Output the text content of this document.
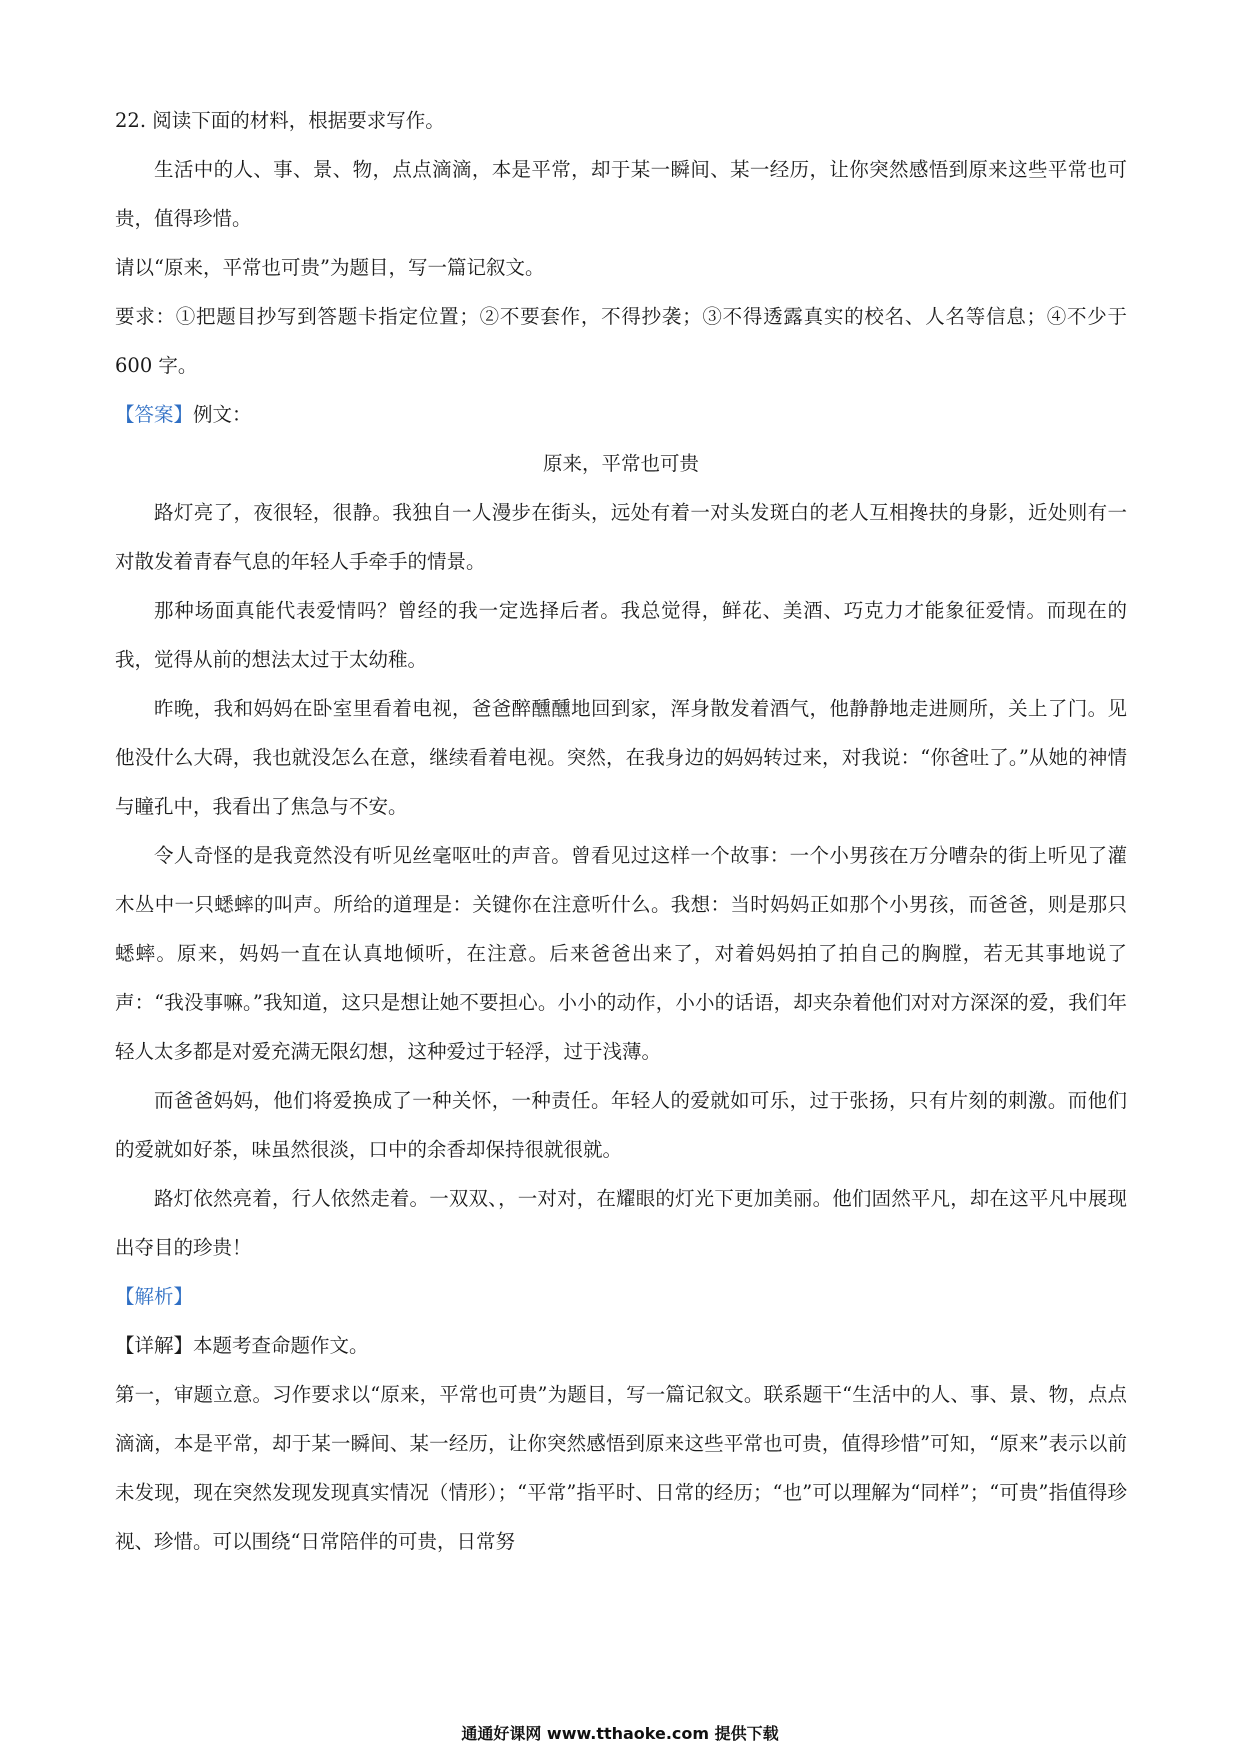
22. 阅读下面的材料，根据要求写作。

生活中的人、事、景、物，点点滴滴，本是平常，却于某一瞬间、某一经历，让你突然感悟到原来这些平常也可贵，值得珍惜。

请以“原来，平常也可贵”为题目，写一篇记叙文。

要求：①把题目抄写到答题卡指定位置；②不要套作，不得抄袭；③不得透露真实的校名、人名等信息；④不少于 600 字。

【答案】例文：

原来，平常也可贵

路灯亮了，夜很轻，很静。我独自一人漫步在街头，远处有着一对头发斑白的老人互相搀扶的身影，近处则有一对散发着青春气息的年轻人手牵手的情景。

那种场面真能代表爱情吗？曾经的我一定选择后者。我总觉得，鲜花、美酒、巧克力才能象征爱情。而现在的我，觉得从前的想法太过于太幼稚。

昨晚，我和妈妈在卧室里看着电视，爸爸醉醺醺地回到家，浑身散发着酒气，他静静地走进厕所，关上了门。见他没什么大碍，我也就没怎么在意，继续看着电视。突然，在我身边的妈妈转过来，对我说：“你爸吐了。”从她的神情与瞳孔中，我看出了焦急与不安。

令人奇怪的是我竟然没有听见丝毫呕吐的声音。曾看见过这样一个故事：一个小男孩在万分嘈杂的街上听见了灌木丛中一只蟋蟀的叫声。所给的道理是：关键你在注意听什么。我想：当时妈妈正如那个小男孩，而爸爸，则是那只蟋蟀。原来，妈妈一直在认真地倾听，在注意。后来爸爸出来了，对着妈妈拍了拍自己的胸膛，若无其事地说了声：“我没事嘛。”我知道，这只是想让她不要担心。小小的动作，小小的话语，却夹杂着他们对对方深深的爱，我们年轻人太多都是对爱充满无限幻想，这种爱过于轻浮，过于浅薄。

而爸爸妈妈，他们将爱换成了一种关怀，一种责任。年轻人的爱就如可乐，过于张扬，只有片刻的刺激。而他们的爱就如好茶，味虽然很淡，口中的余香却保持很就很就。

路灯依然亮着，行人依然走着。一双双、，一对对，在耀眼的灯光下更加美丽。他们固然平凡，却在这平凡中展现出夺目的珍贵！

【解析】

【详解】本题考查命题作文。

第一，审题立意。习作要求以“原来，平常也可贵”为题目，写一篇记叙文。联系题干“生活中的人、事、景、物，点点滴滴，本是平常，却于某一瞬间、某一经历，让你突然感悟到原来这些平常也可贵，值得珍惜”可知，“原来”表示以前未发现，现在突然发现发现真实情况（情形）；“平常”指平时、日常的经历；“也”可以理解为“同样”；“可贵”指值得珍视、珍惜。可以围绕“日常陪伴的可贵，日常努

通通好课网 www.tthaoke.com 提供下载
